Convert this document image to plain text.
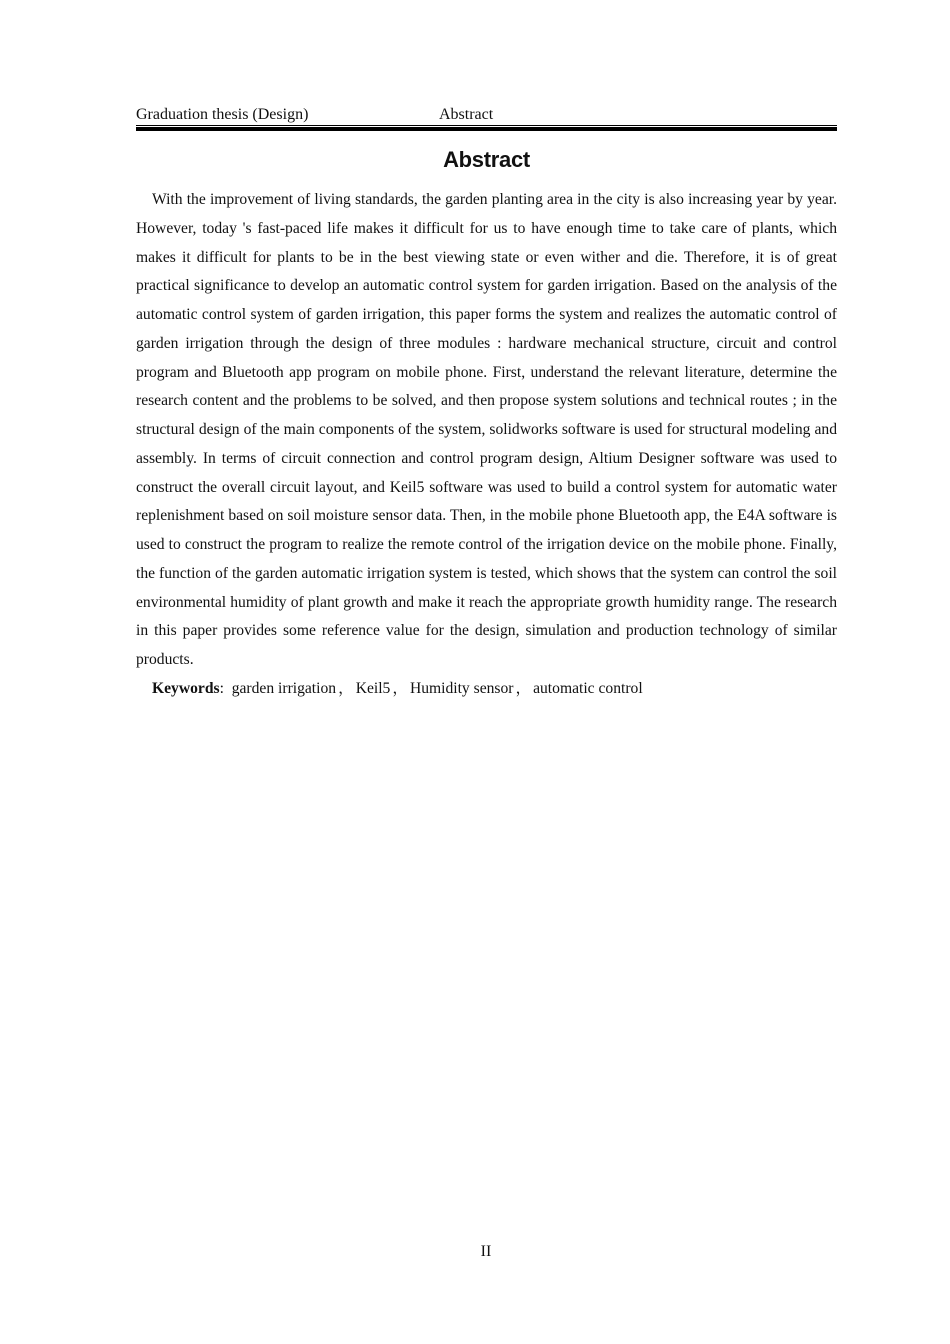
Graduation thesis (Design)	Abstract
Abstract

With the improvement of living standards, the garden planting area in the city is also increasing year by year. However, today 's fast-paced life makes it difficult for us to have enough time to take care of plants, which makes it difficult for plants to be in the best viewing state or even wither and die. Therefore, it is of great practical significance to develop an automatic control system for garden irrigation. Based on the analysis of the automatic control system of garden irrigation, this paper forms the system and realizes the automatic control of garden irrigation through the design of three modules : hardware mechanical structure, circuit and control program and Bluetooth app program on mobile phone. First, understand the relevant literature, determine the research content and the problems to be solved, and then propose system solutions and technical routes ; in the structural design of the main components of the system, solidworks software is used for structural modeling and assembly. In terms of circuit connection and control program design, Altium Designer software was used to construct the overall circuit layout, and Keil5 software was used to build a control system for automatic water replenishment based on soil moisture sensor data. Then, in the mobile phone Bluetooth app, the E4A software is used to construct the program to realize the remote control of the irrigation device on the mobile phone. Finally, the function of the garden automatic irrigation system is tested, which shows that the system can control the soil environmental humidity of plant growth and make it reach the appropriate growth humidity range. The research in this paper provides some reference value for the design, simulation and production technology of similar products.

Keywords: garden irrigation ， Keil5 ， Humidity sensor ， automatic control
II
